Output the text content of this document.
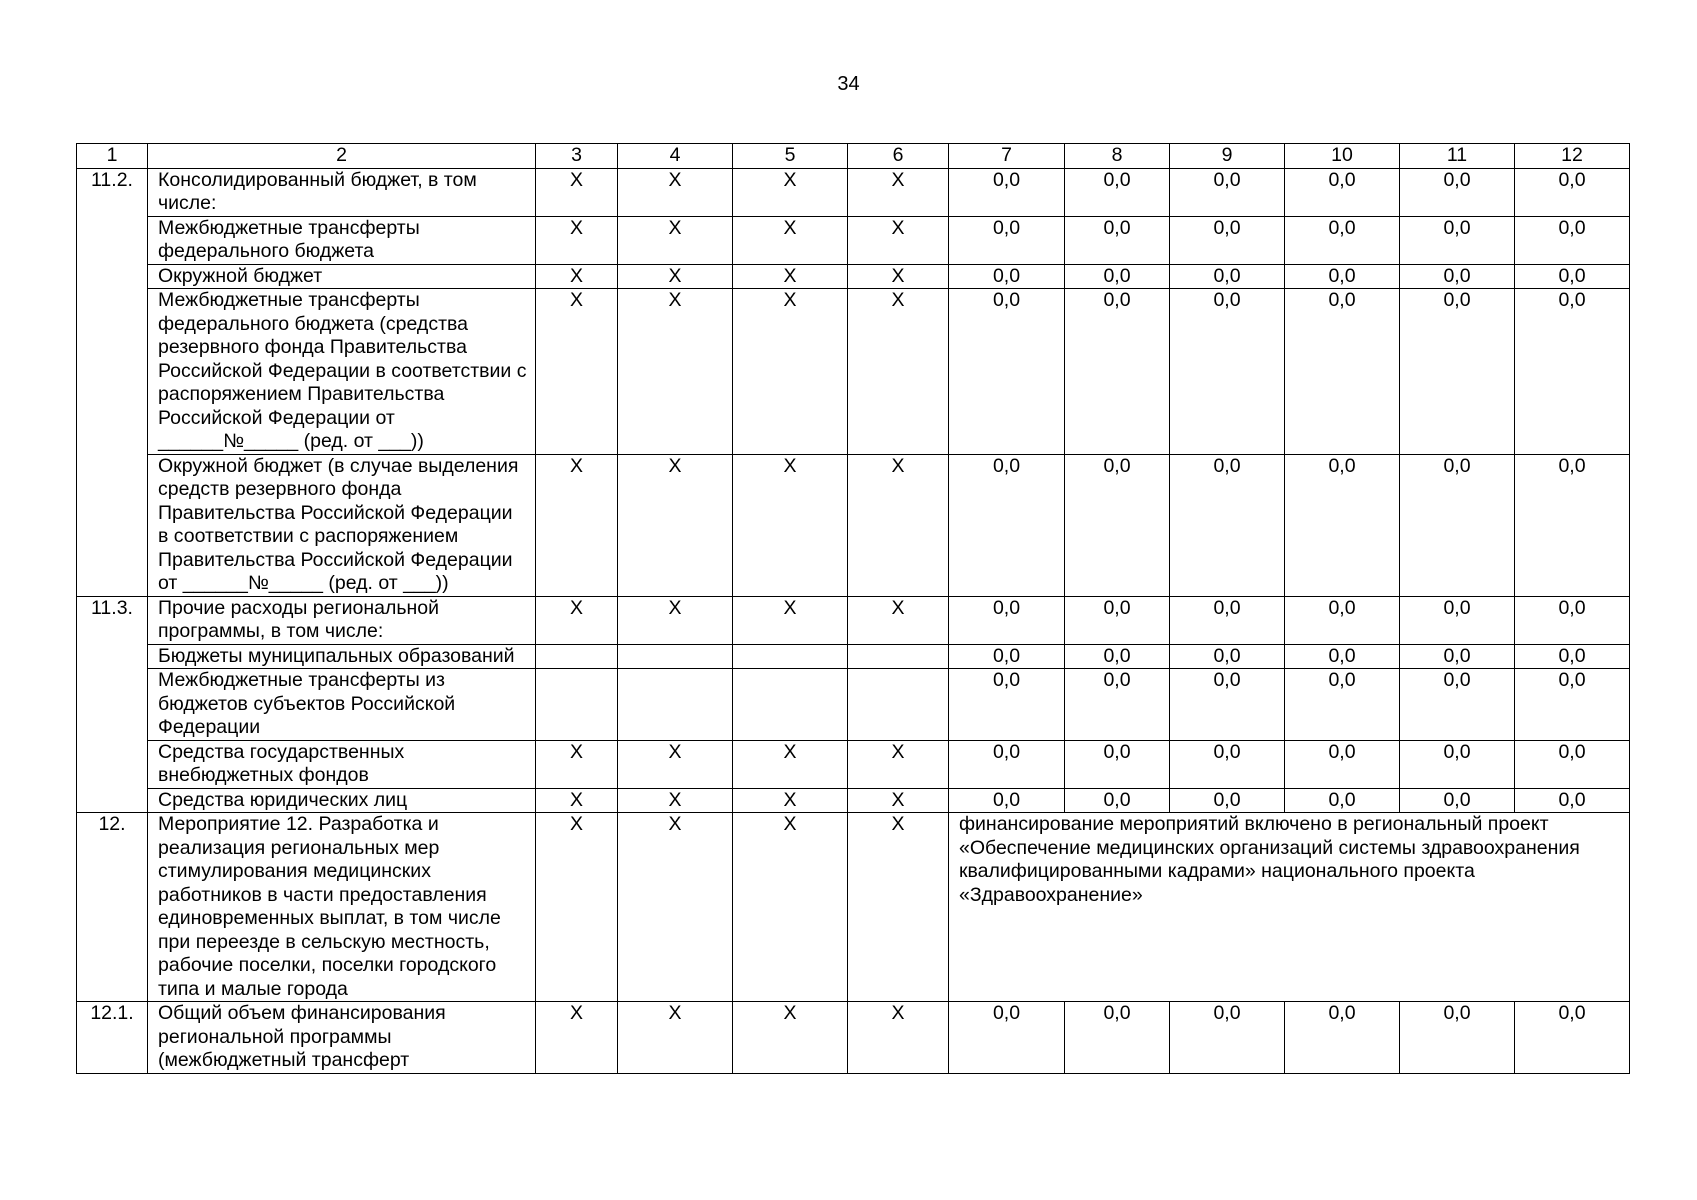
34
1	2	3	4	5	6	7	8	9	10	11	12
11.2.	Консолидированный бюджет, в том числе:	Х	Х	Х	Х	0,0	0,0	0,0	0,0	0,0	0,0
	Межбюджетные трансферты федерального бюджета	Х	Х	Х	Х	0,0	0,0	0,0	0,0	0,0	0,0
	Окружной бюджет	Х	Х	Х	Х	0,0	0,0	0,0	0,0	0,0	0,0
	Межбюджетные трансферты федерального бюджета (средства резервного фонда Правительства Российской Федерации в соответствии с распоряжением Правительства Российской Федерации от ______№_____ (ред. от ___))	Х	Х	Х	Х	0,0	0,0	0,0	0,0	0,0	0,0
	Окружной бюджет (в случае выделения средств резервного фонда Правительства Российской Федерации в соответствии с распоряжением Правительства Российской Федерации от ______№_____ (ред. от ___))	Х	Х	Х	Х	0,0	0,0	0,0	0,0	0,0	0,0
11.3.	Прочие расходы региональной программы, в том числе:	Х	Х	Х	Х	0,0	0,0	0,0	0,0	0,0	0,0
	Бюджеты муниципальных образований					0,0	0,0	0,0	0,0	0,0	0,0
	Межбюджетные трансферты из бюджетов субъектов Российской Федерации					0,0	0,0	0,0	0,0	0,0	0,0
	Средства государственных внебюджетных фондов	Х	Х	Х	Х	0,0	0,0	0,0	0,0	0,0	0,0
	Средства юридических лиц	Х	Х	Х	Х	0,0	0,0	0,0	0,0	0,0	0,0
12.	Мероприятие 12. Разработка и реализация региональных мер стимулирования медицинских работников в части предоставления единовременных выплат, в том числе при переезде в сельскую местность, рабочие поселки, поселки городского типа и малые города	Х	Х	Х	Х	финансирование мероприятий включено в региональный проект «Обеспечение медицинских организаций системы здравоохранения квалифицированными кадрами» национального проекта «Здравоохранение»					
12.1.	Общий объем финансирования региональной программы (межбюджетный трансферт	Х	Х	Х	Х	0,0	0,0	0,0	0,0	0,0	0,0
